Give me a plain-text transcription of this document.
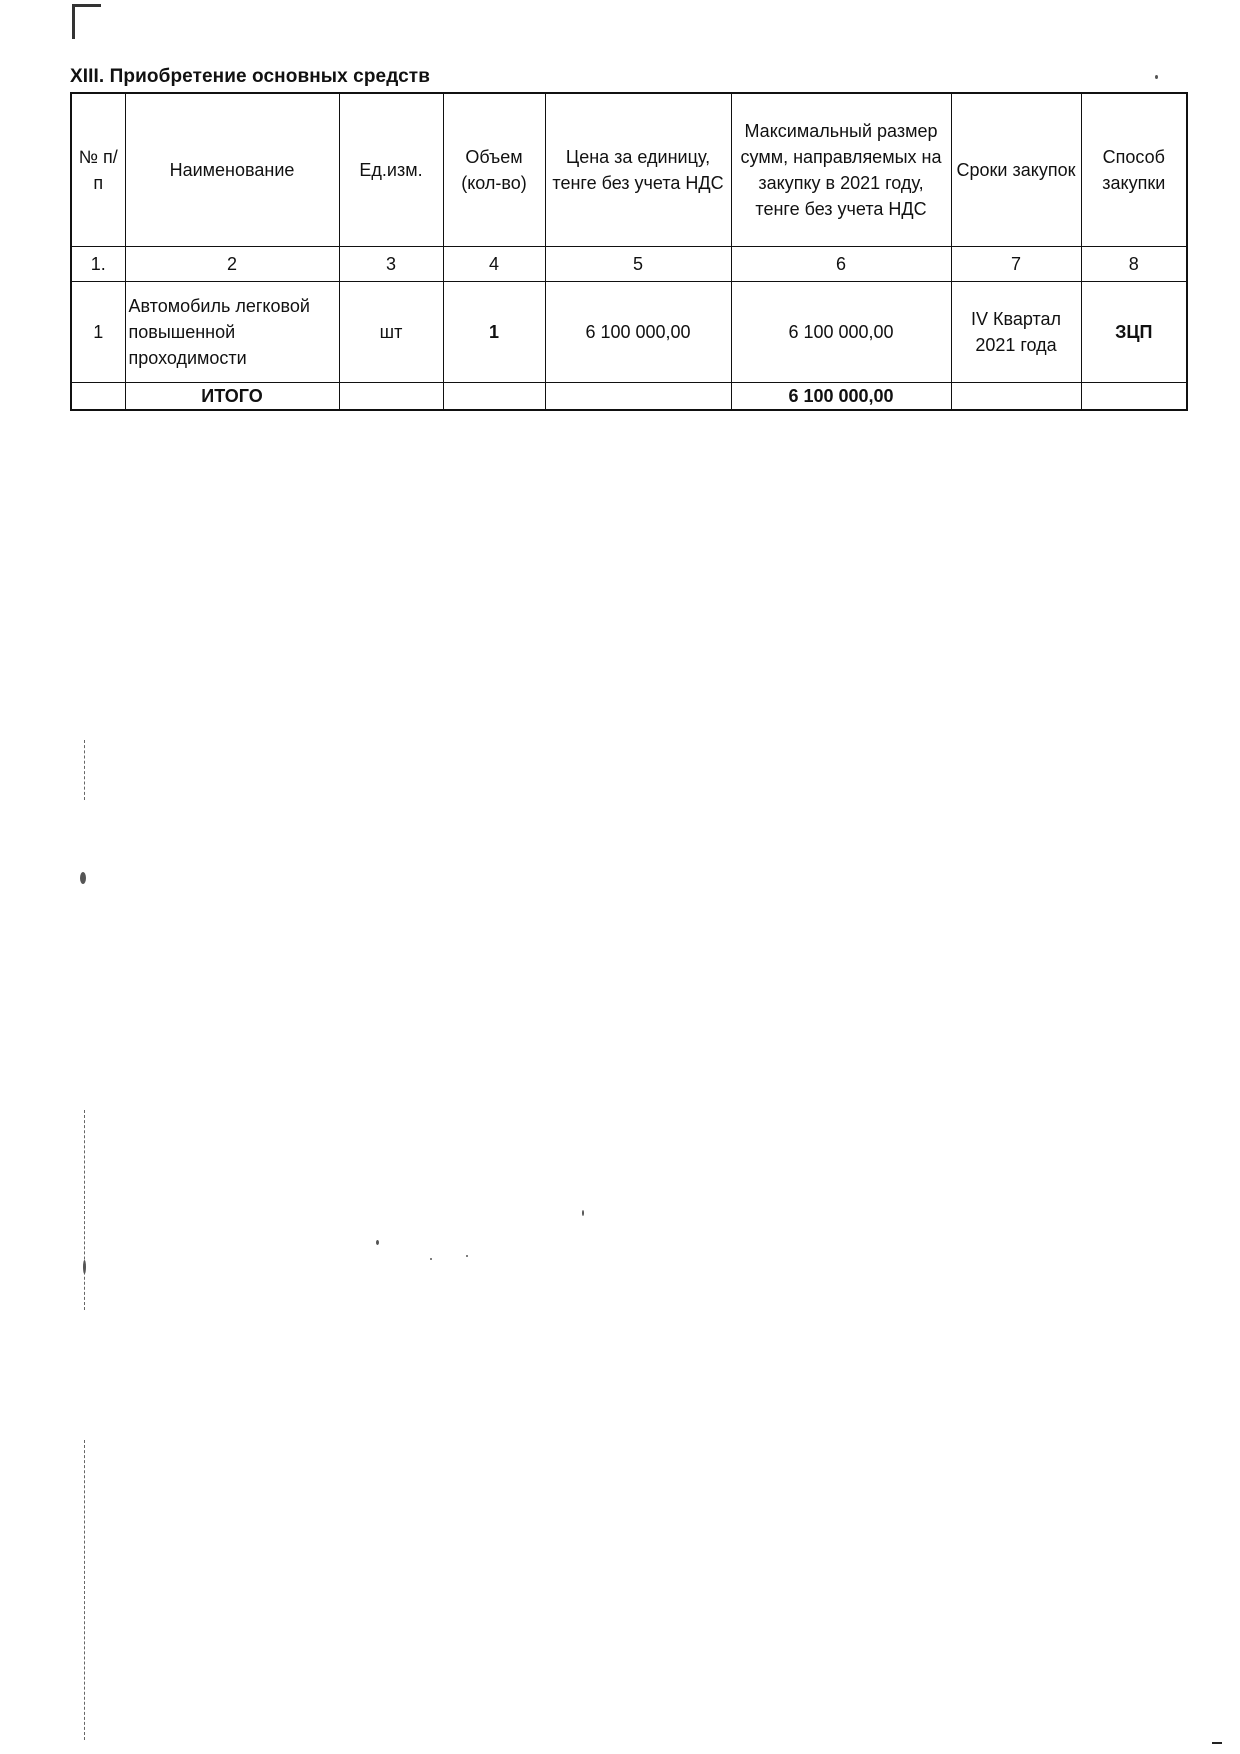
XIII. Приобретение основных средств
№ п/п	Наименование	Ед.изм.	Объем (кол-во)	Цена за единицу, тенге без учета НДС	Максимальный размер сумм, направляемых на закупку в 2021 году, тенге без учета НДС	Сроки закупок	Способ закупки
1.	2	3	4	5	6	7	8
1	Автомобиль легковой повышенной проходимости	шт	1	6 100 000,00	6 100 000,00	IV Квартал 2021 года	ЗЦП
	ИТОГО				6 100 000,00		
